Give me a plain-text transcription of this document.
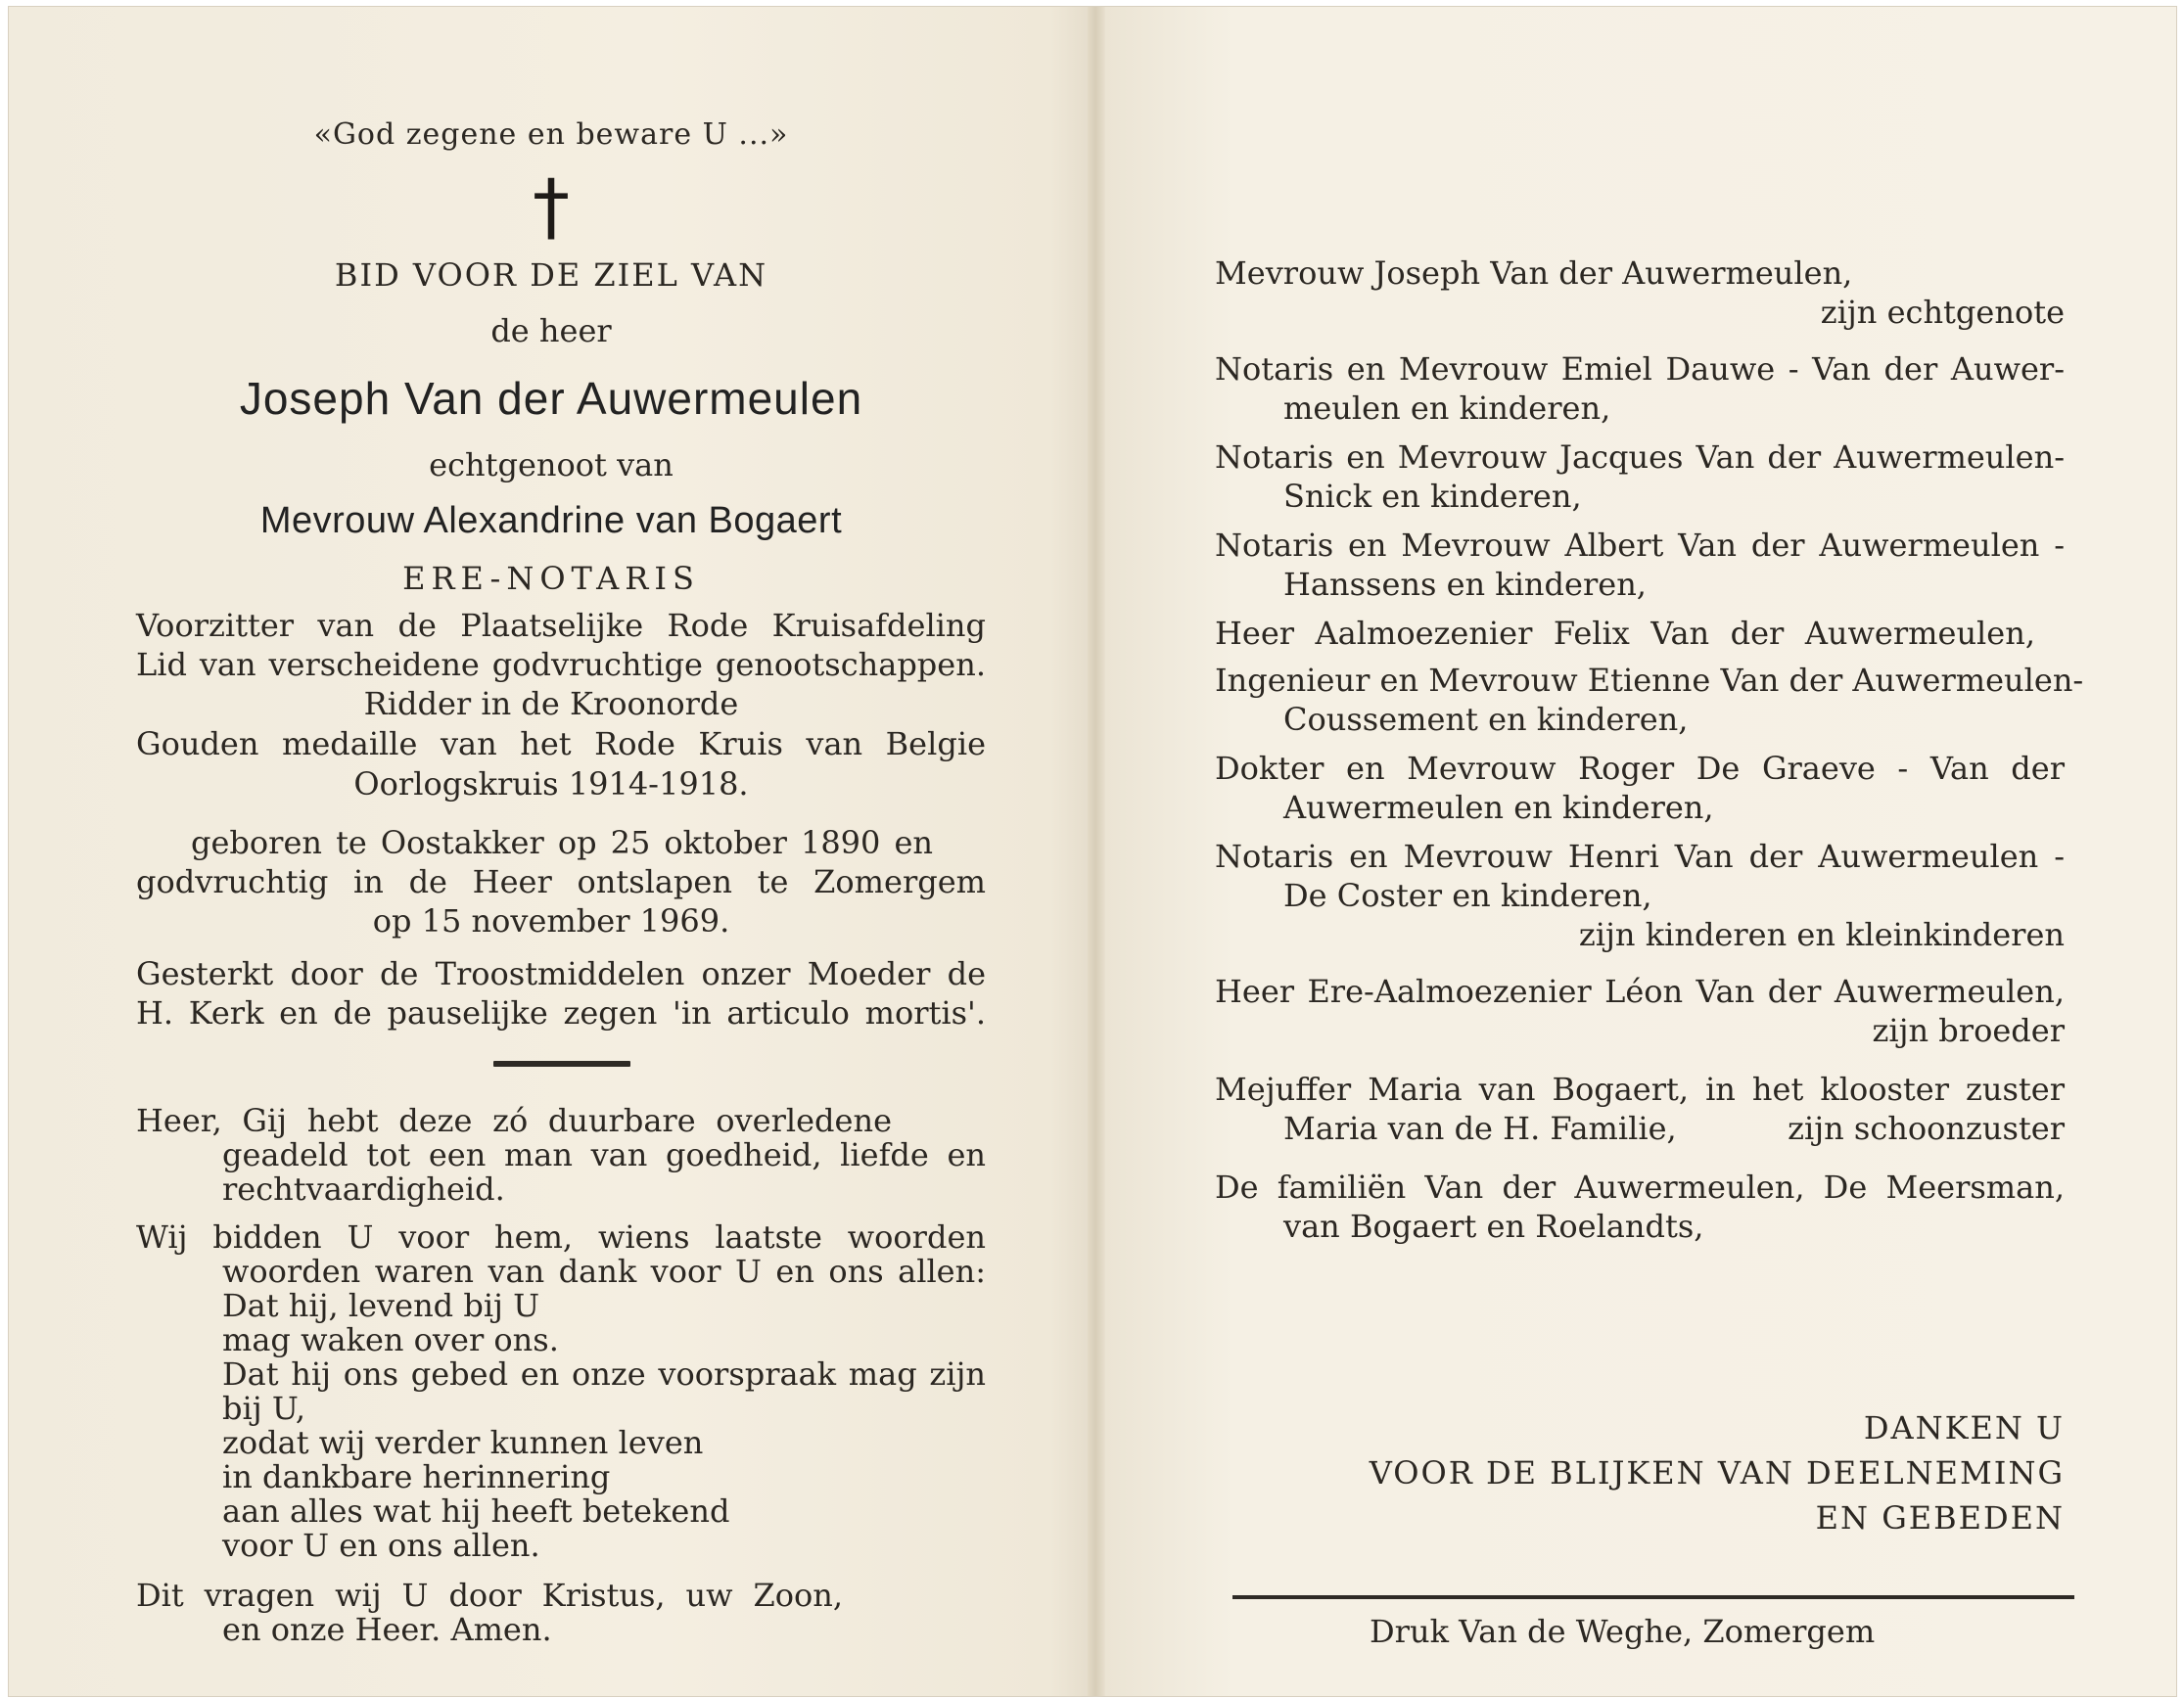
«God zegene en beware U ...»
†
BID VOOR DE ZIEL VAN
de heer
Joseph Van der Auwermeulen
echtgenoot van
Mevrouw Alexandrine van Bogaert
ERE-NOTARIS
Voorzitter van de Plaatselijke Rode Kruisafdeling
Lid van verscheidene godvruchtige genootschappen.
Ridder in de Kroonorde
Gouden medaille van het Rode Kruis van Belgie
Oorlogskruis 1914-1918.
geboren te Oostakker op 25 oktober 1890 en
godvruchtig in de Heer ontslapen te Zomergem
op 15 november 1969.
Gesterkt door de Troostmiddelen onzer Moeder de
H. Kerk en de pauselijke zegen 'in articulo mortis'.
Heer, Gij hebt deze zó duurbare overledene
geadeld tot een man van goedheid, liefde en
rechtvaardigheid.
Wij bidden U voor hem, wiens laatste woorden
woorden waren van dank voor U en ons allen:
Dat hij, levend bij U
mag waken over ons.
Dat hij ons gebed en onze voorspraak mag zijn
bij U,
zodat wij verder kunnen leven
in dankbare herinnering
aan alles wat hij heeft betekend
voor U en ons allen.
Dit vragen wij U door Kristus, uw Zoon,
en onze Heer. Amen.
Mevrouw Joseph Van der Auwermeulen,
zijn echtgenote
Notaris en Mevrouw Emiel Dauwe - Van der Auwer-
meulen en kinderen,
Notaris en Mevrouw Jacques Van der Auwermeulen-
Snick en kinderen,
Notaris en Mevrouw Albert Van der Auwermeulen -
Hanssens en kinderen,
Heer Aalmoezenier Felix Van der Auwermeulen,
Ingenieur en Mevrouw Etienne Van der Auwermeulen-
Coussement en kinderen,
Dokter en Mevrouw Roger De Graeve - Van der
Auwermeulen en kinderen,
Notaris en Mevrouw Henri Van der Auwermeulen -
De Coster en kinderen,
zijn kinderen en kleinkinderen
Heer Ere-Aalmoezenier Léon Van der Auwermeulen,
zijn broeder
Mejuffer Maria van Bogaert, in het klooster zuster
Maria van de H. Familie,	zijn schoonzuster
De familiën Van der Auwermeulen, De Meersman,
van Bogaert en Roelandts,
DANKEN U
VOOR DE BLIJKEN VAN DEELNEMING
EN GEBEDEN
Druk Van de Weghe, Zomergem
